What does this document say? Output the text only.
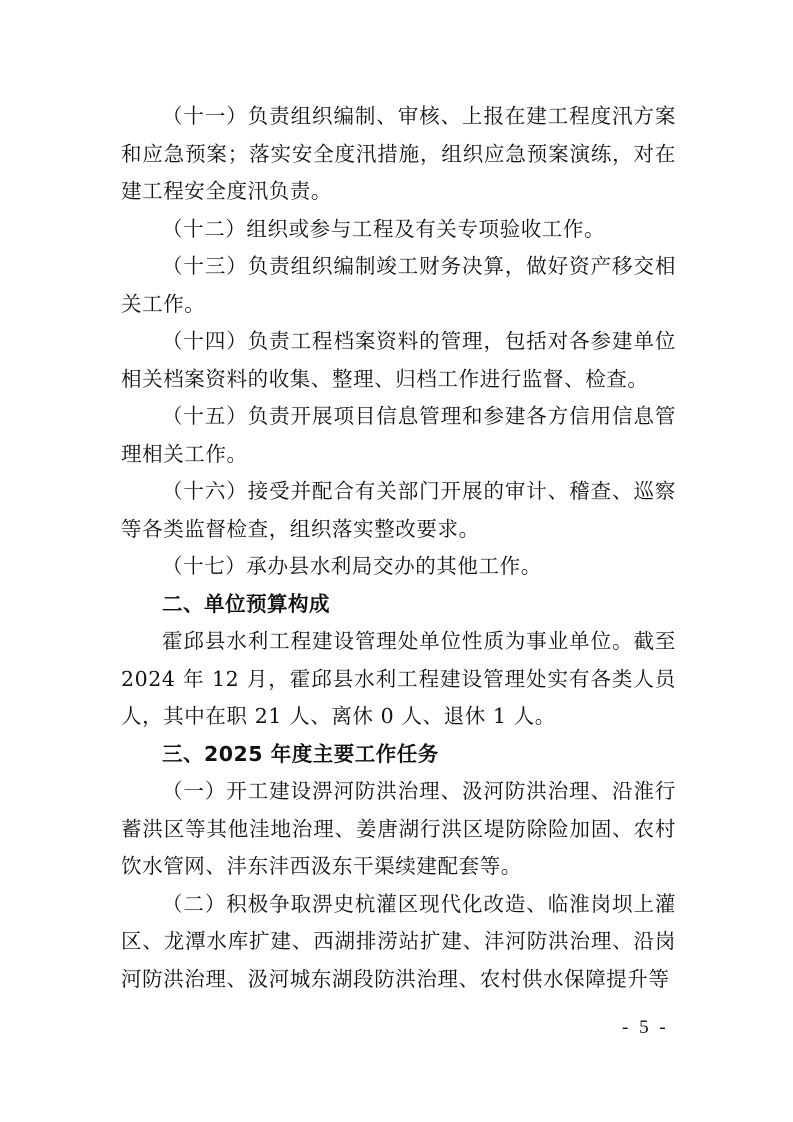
（十一）负责组织编制、审核、上报在建工程度汛方案和应急预案；落实安全度汛措施，组织应急预案演练，对在建工程安全度汛负责。

（十二）组织或参与工程及有关专项验收工作。

（十三）负责组织编制竣工财务决算，做好资产移交相关工作。

（十四）负责工程档案资料的管理，包括对各参建单位相关档案资料的收集、整理、归档工作进行监督、检查。

（十五）负责开展项目信息管理和参建各方信用信息管理相关工作。

（十六）接受并配合有关部门开展的审计、稽查、巡察等各类监督检查，组织落实整改要求。

（十七）承办县水利局交办的其他工作。

二、单位预算构成

霍邱县水利工程建设管理处单位性质为事业单位。截至2024 年 12 月，霍邱县水利工程建设管理处实有各类人员人，其中在职 21 人、离休 0 人、退休 1 人。

三、2025 年度主要工作任务

（一）开工建设淠河防洪治理、汲河防洪治理、沿淮行蓄洪区等其他洼地治理、姜唐湖行洪区堤防除险加固、农村饮水管网、沣东沣西汲东干渠续建配套等。

（二）积极争取淠史杭灌区现代化改造、临淮岗坝上灌区、龙潭水库扩建、西湖排涝站扩建、沣河防洪治理、沿岗河防洪治理、汲河城东湖段防洪治理、农村供水保障提升等

- 5 -
